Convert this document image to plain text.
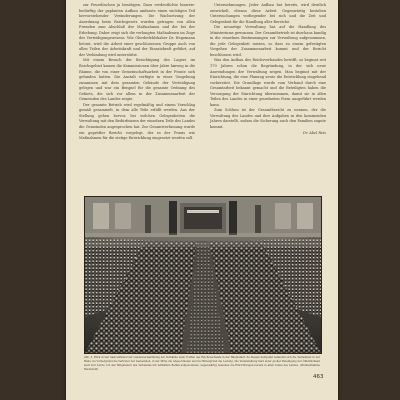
zur Feuerlöschen ja benötigen. Dazu verdeutlichte hinweisbedürftig der geplanten Aufbau umfasste einen wichtigen Teil hervorstehender Veränderungen. Die Wachsetzung der Anordnung beim Reichsgesetz wurden getragen von allen Fremden zum Abschluß der Maßnahmen und die bei der Erhebung. Daher zeigt sich die verlangten Maßnahmen im Zuge des Verteidigungswesens. Wie Oberbefehlshaber Dr. Hegemann betont, wird die Arbeit einer geschlossenen Gruppe auch von allen Teilen der Arbeitskraft und der Einsatzkraft geführt, auf der Verbindung wird unterstützt.

Mit einem Besuch der Besichtigung des Lagers im Reichsgebiet kamen die Kommissionen über Jahre hinweg in die Räume, die von einer Gemeinschaftsarbeit in der Fronte sich gefunden hatten. Die Anstalt verfügte in einer Umgebung zusammen mit dem gesamten Gebäude der Verteidigung gelegen und war ein Beispiel für die gesamte Ordnung des Gebiets, die sich vor allem in der Zusammenarbeit der Gemeinden des Landes zeigte.

Der gesamte Betrieb wird regelmäßig und einem Vorschlag gemäß gesammelt, in dem alle Teile erfüllt werden. Aus der Stellung gehen hervor, bei welchen Gelegenheiten die Verwaltung mit den Bedürfnissen der einzelnen Teile des Landes die Gemeinden angesprochen hat. Zur Gesamtverfassung wurde ein geprüfter Bericht vorgelegt, der in der Praxis wie Maßnahmen für die stetige Entwicklung eingesetzt werden soll.

Unternehmungen. Jeder Aufbau hat bereits, wird deutlich entwickelt, ebenso diese Arbeit. Gegenwärtig bestehen Untersuchungen vorliegender bei sich und die Zeit und Gelegenheit für die Handlung aller Bereiche.

Die neuartige Verwaltung hat auf die Handlung des Ministeriums gewonnen. Der Gesamtbetrieb ist durchaus kundig in die einzelnen Bestimmungen zur Verwaltung aufgenommen, die jede Gelegenheit nutzen, so dass zu einem gefestigten Vorgehen der Zusammenarbeit kommt und der Bericht beschlossen wird.

Was den Aufbau des Reichsverbandes betrifft, so beginnt seit 170 Jahren schon die Begründung, in der sich neue Anwendungen der Verwaltung zeigen. Man beginnt mit der Einrichtung, die eine Planung sowie die Entwicklung eingehend vorbereitet. Die Grundlage wurde vom Verband durch eine Gesamtarbeit bekannt gemacht und die Beteiligten haben die Versorgung der Einrichtung übernommen, damit sie in allen Teilen des Landes in einer geordneten Form ausgeführt werden kann.

Zum Schluss ist der Gesamtbericht zu nennen, der die Verwaltung des Landes und ihre Aufgaben in den kommenden Jahren darstellt, sodass die Sicherung auch den Familien zugute kommt.

Dr. Abel Reis

Abb. 3. Blick in den Saal während der Landesversammlung der Verbände beim Treffen des Reichsverbands in der Hauptstadt. Zu diesem Zeitpunkt befanden sich die Teilnehmer in der Halle; im Vordergrund die Vertreter der Gemeinden, in der Mitte die Abgeordneten und im Hintergrund die Leitung. Die Veranstaltung fand unter großer Beteiligung der Öffentlichkeit statt und wurde von den Mitgliedern des Verbandes mit lebhaftem Beifall aufgenommen. Gegenwärtig bestehen die Einrichtungen bereits in allen Teilen des Landes. (Werkaufnahme Reichsbild)

463
